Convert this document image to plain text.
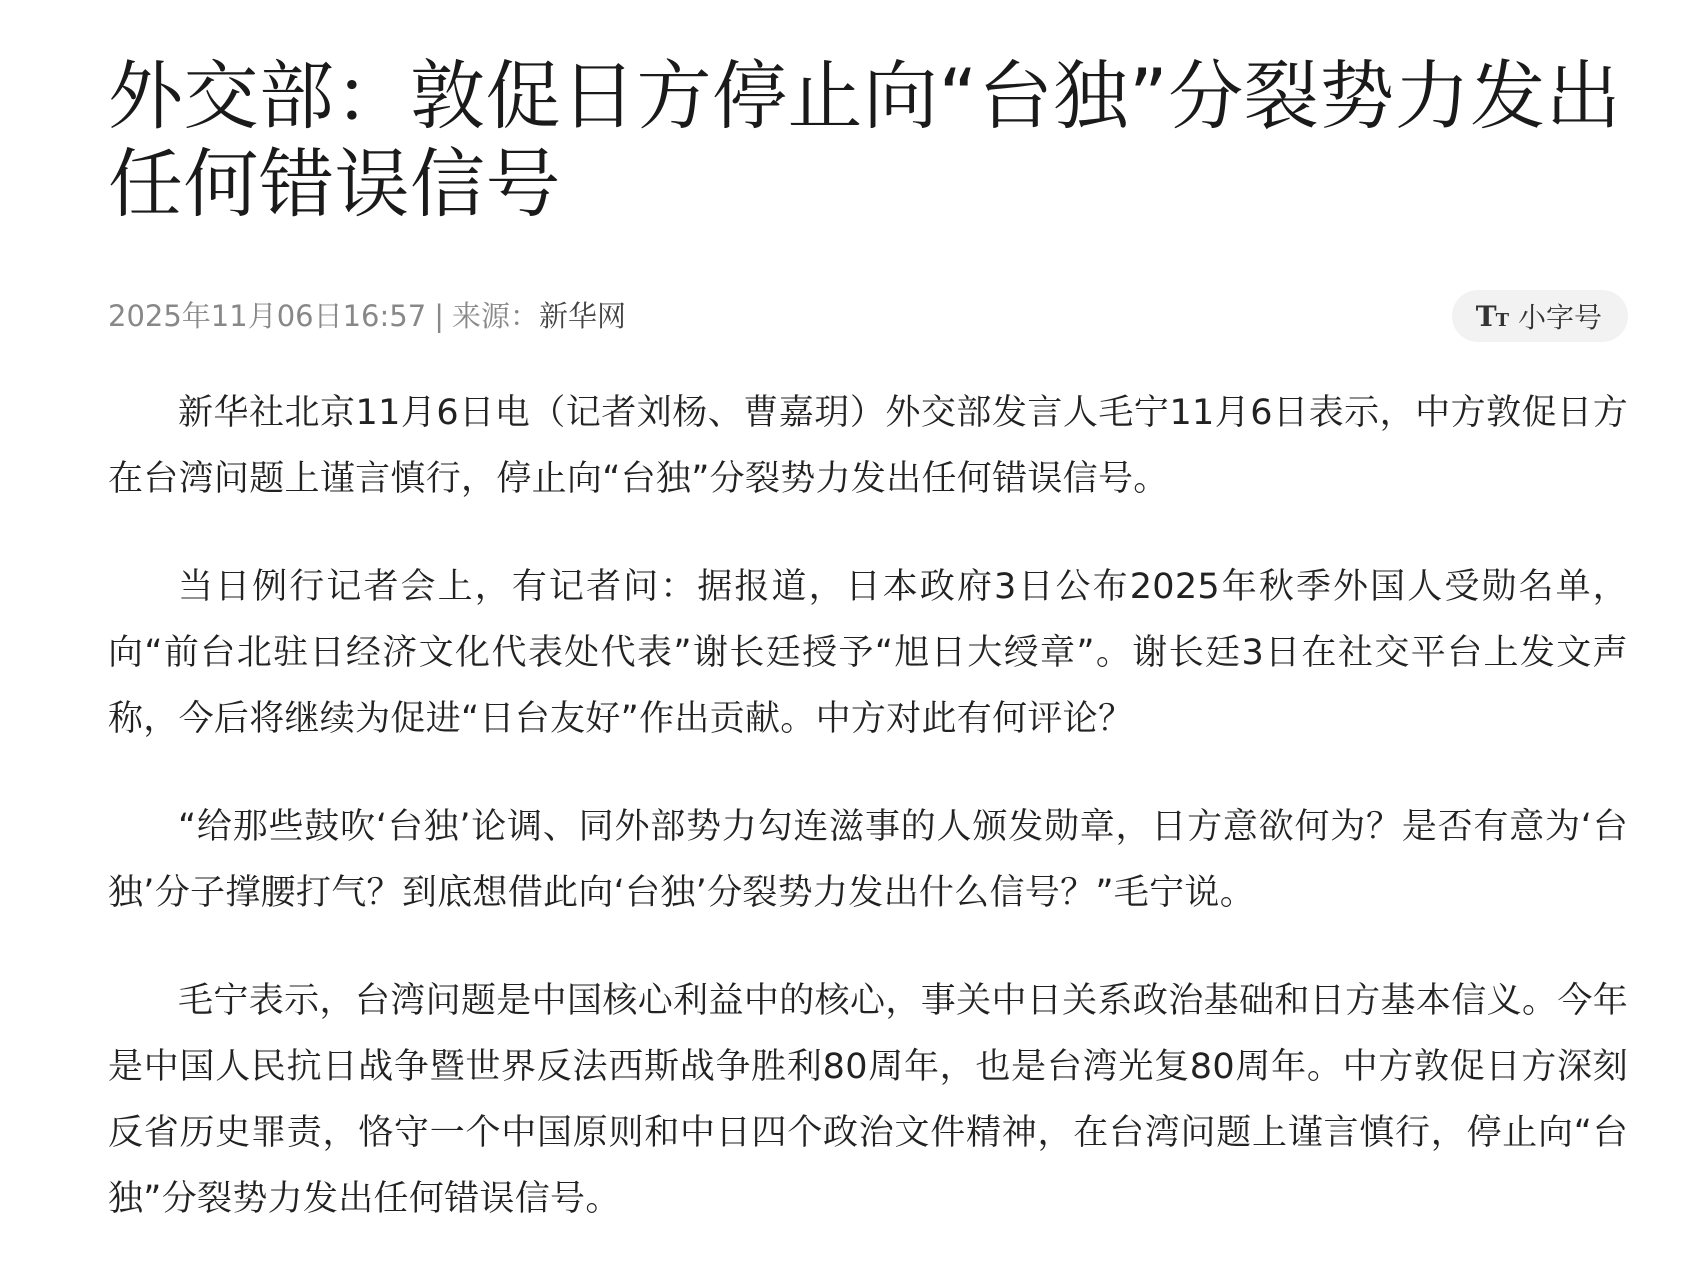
外交部：敦促日方停止向“台独”分裂势力发出任何错误信号
2025年11月06日16:57 | 来源：新华网	TT 小字号

新华社北京11月6日电（记者刘杨、曹嘉玥）外交部发言人毛宁11月6日表示，中方敦促日方在台湾问题上谨言慎行，停止向“台独”分裂势力发出任何错误信号。

当日例行记者会上，有记者问：据报道，日本政府3日公布2025年秋季外国人受勋名单，向“前台北驻日经济文化代表处代表”谢长廷授予“旭日大绶章”。谢长廷3日在社交平台上发文声称，今后将继续为促进“日台友好”作出贡献。中方对此有何评论？

“给那些鼓吹‘台独’论调、同外部势力勾连滋事的人颁发勋章，日方意欲何为？是否有意为‘台独’分子撑腰打气？到底想借此向‘台独’分裂势力发出什么信号？”毛宁说。

毛宁表示，台湾问题是中国核心利益中的核心，事关中日关系政治基础和日方基本信义。今年是中国人民抗日战争暨世界反法西斯战争胜利80周年，也是台湾光复80周年。中方敦促日方深刻反省历史罪责，恪守一个中国原则和中日四个政治文件精神，在台湾问题上谨言慎行，停止向“台独”分裂势力发出任何错误信号。
